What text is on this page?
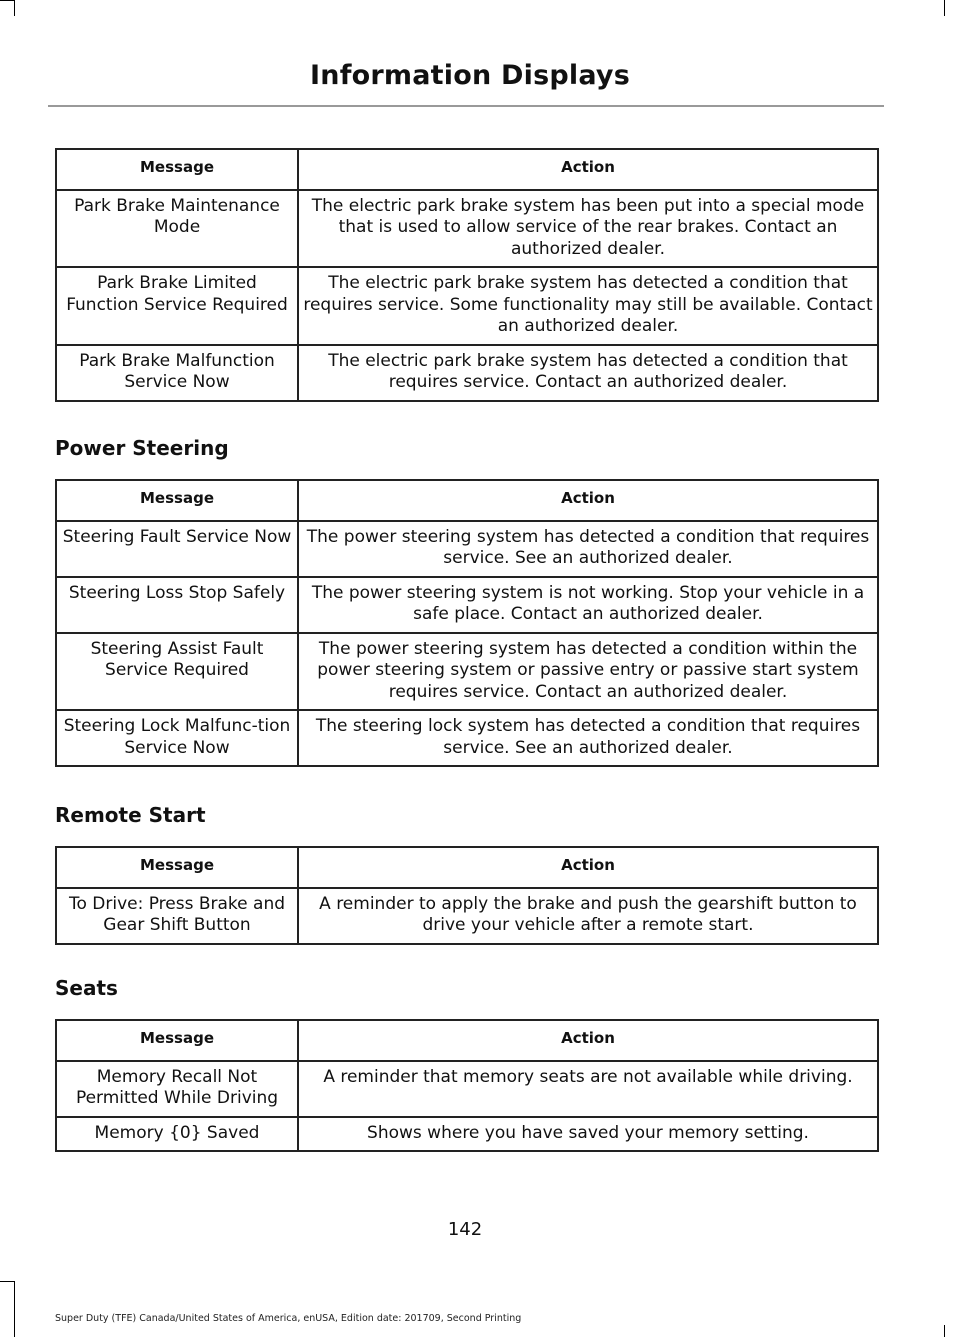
Information Displays
Message	Action
Park Brake Maintenance Mode	The electric park brake system has been put into a special mode that is used to allow service of the rear brakes. Contact an authorized dealer.
Park Brake Limited Function Service Required	The electric park brake system has detected a condition that requires service. Some functionality may still be available. Contact an authorized dealer.
Park Brake Malfunction Service Now	The electric park brake system has detected a condition that requires service. Contact an authorized dealer.
Power Steering
Message	Action
Steering Fault Service Now	The power steering system has detected a condition that requires service. See an authorized dealer.
Steering Loss Stop Safely	The power steering system is not working. Stop your vehicle in a safe place. Contact an authorized dealer.
Steering Assist Fault Service Required	The power steering system has detected a condition within the power steering system or passive entry or passive start system requires service. Contact an authorized dealer.
Steering Lock Malfunc-tion Service Now	The steering lock system has detected a condition that requires service. See an authorized dealer.
Remote Start
Message	Action
To Drive: Press Brake and Gear Shift Button	A reminder to apply the brake and push the gearshift button to drive your vehicle after a remote start.
Seats
Message	Action
Memory Recall Not Permitted While Driving	A reminder that memory seats are not available while driving.
Memory {0} Saved	Shows where you have saved your memory setting.
142
Super Duty (TFE) Canada/United States of America, enUSA, Edition date: 201709, Second Printing
